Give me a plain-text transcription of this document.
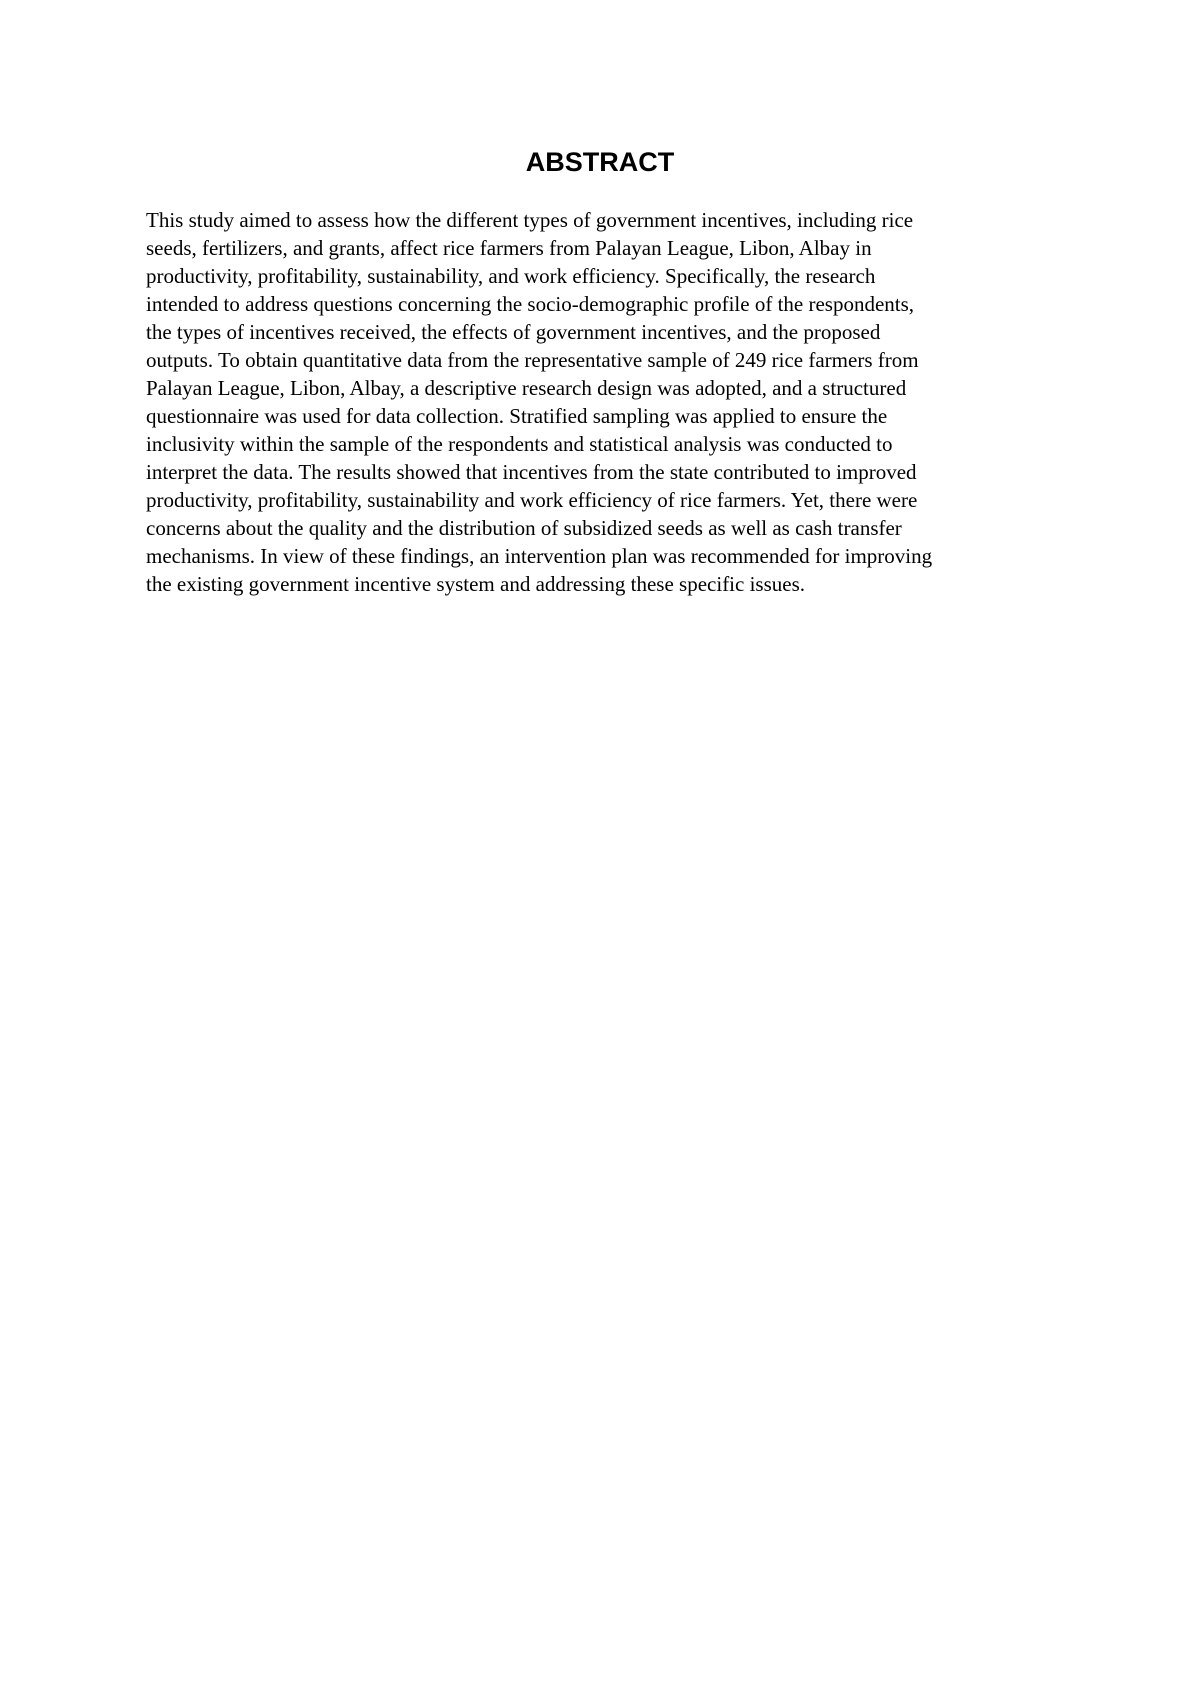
ABSTRACT
This study aimed to assess how the different types of government incentives, including rice
seeds, fertilizers, and grants, affect rice farmers from Palayan League, Libon, Albay in
productivity, profitability, sustainability, and work efficiency. Specifically, the research
intended to address questions concerning the socio-demographic profile of the respondents,
the types of incentives received, the effects of government incentives, and the proposed
outputs. To obtain quantitative data from the representative sample of 249 rice farmers from
Palayan League, Libon, Albay, a descriptive research design was adopted, and a structured
questionnaire was used for data collection. Stratified sampling was applied to ensure the
inclusivity within the sample of the respondents and statistical analysis was conducted to
interpret the data. The results showed that incentives from the state contributed to improved
productivity, profitability, sustainability and work efficiency of rice farmers. Yet, there were
concerns about the quality and the distribution of subsidized seeds as well as cash transfer
mechanisms. In view of these findings, an intervention plan was recommended for improving
the existing government incentive system and addressing these specific issues.
